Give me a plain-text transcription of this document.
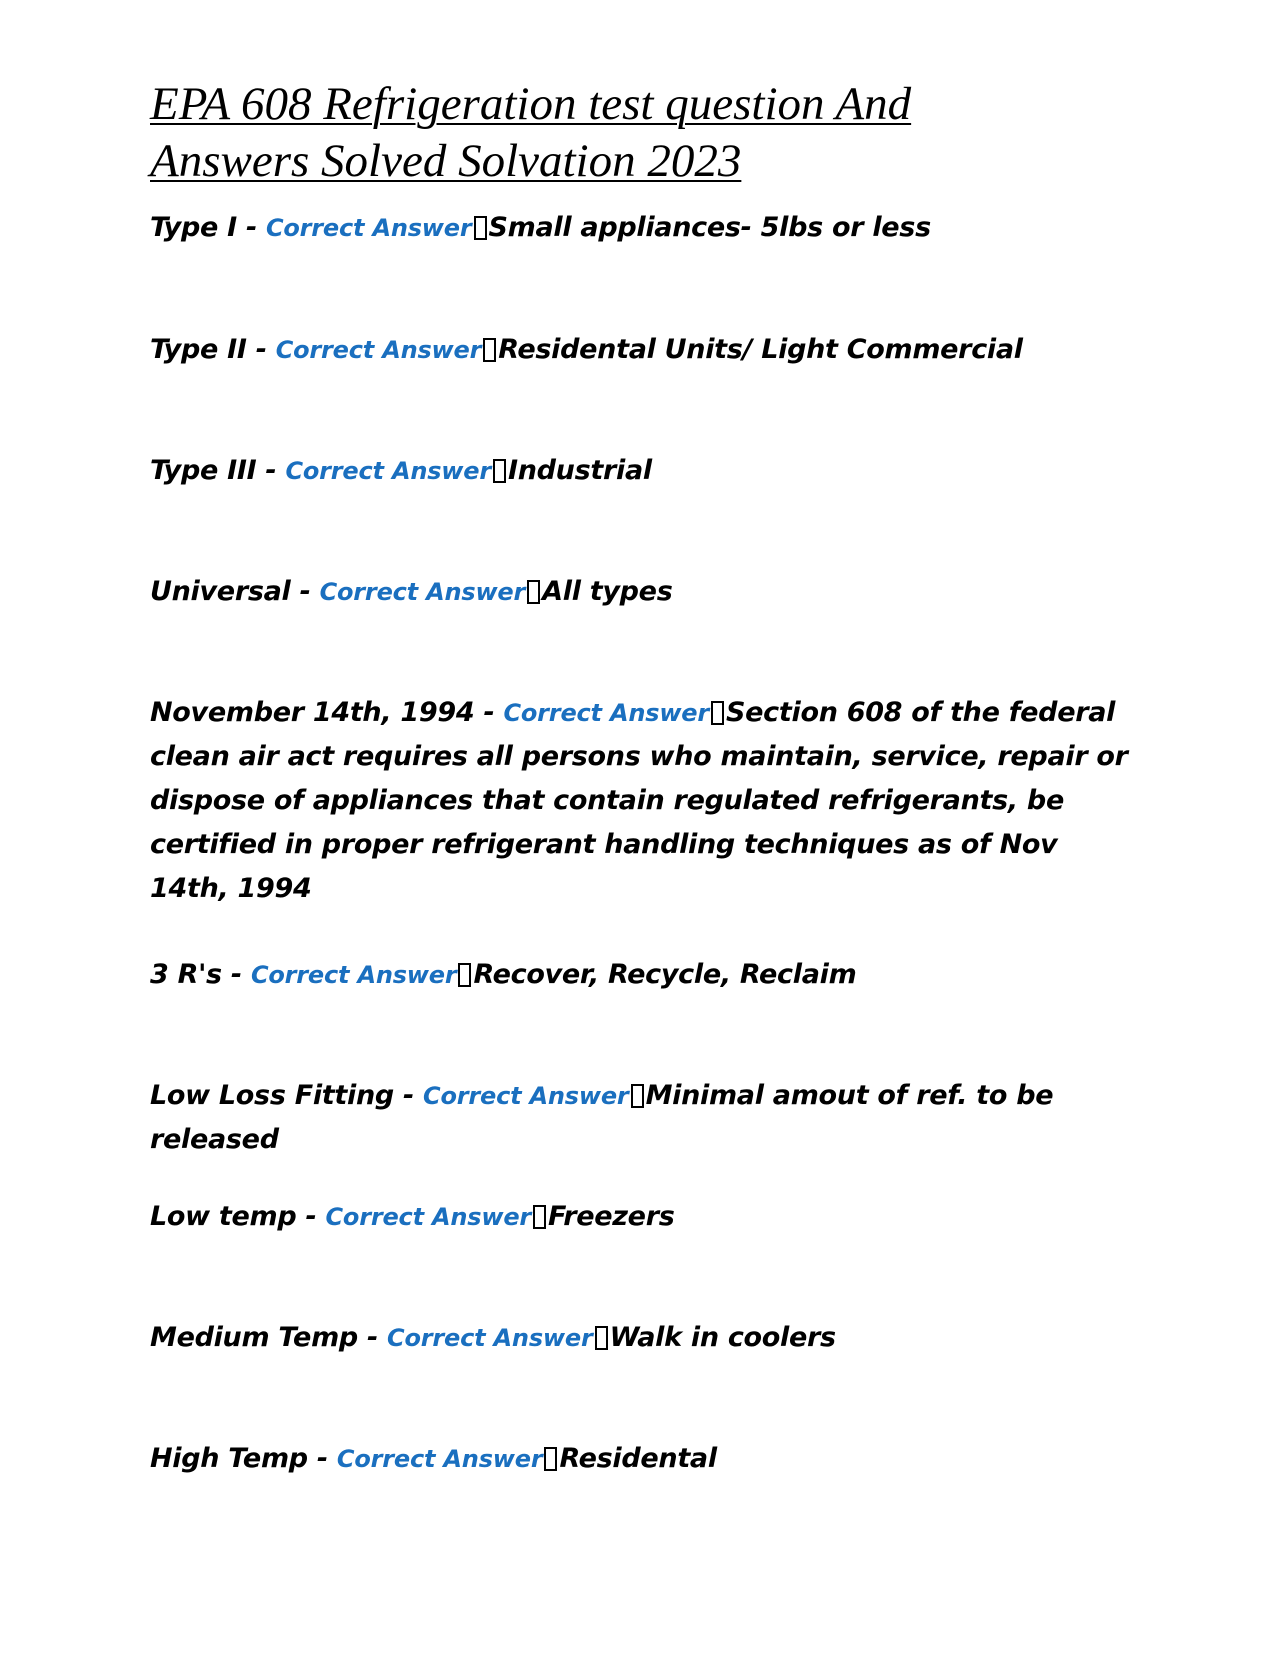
EPA 608 Refrigeration test question And
Answers Solved Solvation 2023

Type I - Correct Answer Small appliances- 5lbs or less

Type II - Correct Answer Residental Units/ Light Commercial

Type III - Correct Answer Industrial

Universal - Correct Answer All types

November 14th, 1994 - Correct Answer Section 608 of the federal clean air act requires all persons who maintain, service, repair or dispose of appliances that contain regulated refrigerants, be certified in proper refrigerant handling techniques as of Nov 14th, 1994

3 R's - Correct Answer Recover, Recycle, Reclaim

Low Loss Fitting - Correct Answer Minimal amout of ref. to be released

Low temp - Correct Answer Freezers

Medium Temp - Correct Answer Walk in coolers

High Temp - Correct Answer Residental
